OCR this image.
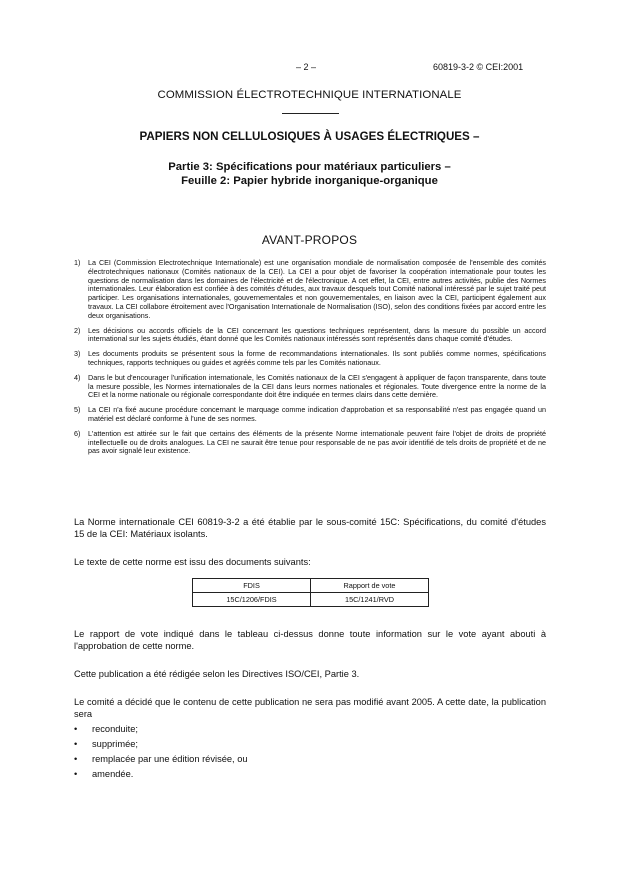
– 2 –	60819-3-2 © CEI:2001
COMMISSION ÉLECTROTECHNIQUE INTERNATIONALE
PAPIERS NON CELLULOSIQUES À USAGES ÉLECTRIQUES –
Partie 3: Spécifications pour matériaux particuliers –
Feuille 2: Papier hybride inorganique-organique
AVANT-PROPOS
1) La CEI (Commission Electrotechnique Internationale) est une organisation mondiale de normalisation composée de l'ensemble des comités électrotechniques nationaux (Comités nationaux de la CEI). La CEI a pour objet de favoriser la coopération internationale pour toutes les questions de normalisation dans les domaines de l'électricité et de l'électronique. A cet effet, la CEI, entre autres activités, publie des Normes internationales. Leur élaboration est confiée à des comités d'études, aux travaux desquels tout Comité national intéressé par le sujet traité peut participer. Les organisations internationales, gouvernementales et non gouvernementales, en liaison avec la CEI, participent également aux travaux. La CEI collabore étroitement avec l'Organisation Internationale de Normalisation (ISO), selon des conditions fixées par accord entre les deux organisations.
2) Les décisions ou accords officiels de la CEI concernant les questions techniques représentent, dans la mesure du possible un accord international sur les sujets étudiés, étant donné que les Comités nationaux intéressés sont représentés dans chaque comité d'études.
3) Les documents produits se présentent sous la forme de recommandations internationales. Ils sont publiés comme normes, spécifications techniques, rapports techniques ou guides et agréés comme tels par les Comités nationaux.
4) Dans le but d'encourager l'unification internationale, les Comités nationaux de la CEI s'engagent à appliquer de façon transparente, dans toute la mesure possible, les Normes internationales de la CEI dans leurs normes nationales et régionales. Toute divergence entre la norme de la CEI et la norme nationale ou régionale correspondante doit être indiquée en termes clairs dans cette dernière.
5) La CEI n'a fixé aucune procédure concernant le marquage comme indication d'approbation et sa responsabilité n'est pas engagée quand un matériel est déclaré conforme à l'une de ses normes.
6) L'attention est attirée sur le fait que certains des éléments de la présente Norme internationale peuvent faire l'objet de droits de propriété intellectuelle ou de droits analogues. La CEI ne saurait être tenue pour responsable de ne pas avoir identifié de tels droits de propriété et de ne pas avoir signalé leur existence.
La Norme internationale CEI 60819-3-2 a été établie par le sous-comité 15C: Spécifications, du comité d'études 15 de la CEI: Matériaux isolants.
Le texte de cette norme est issu des documents suivants:
FDIS	Rapport de vote
15C/1206/FDIS	15C/1241/RVD
Le rapport de vote indiqué dans le tableau ci-dessus donne toute information sur le vote ayant abouti à l'approbation de cette norme.
Cette publication a été rédigée selon les Directives ISO/CEI, Partie 3.
Le comité a décidé que le contenu de cette publication ne sera pas modifié avant 2005. A cette date, la publication sera
• reconduite;
• supprimée;
• remplacée par une édition révisée, ou
• amendée.
